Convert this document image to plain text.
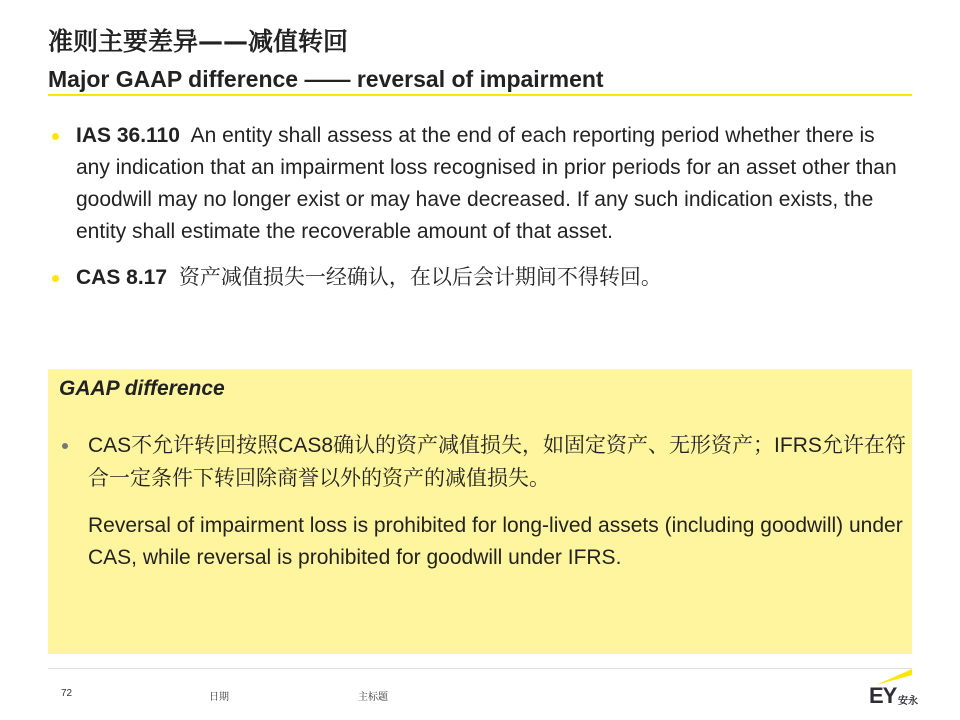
准则主要差异——减值转回
Major GAAP difference —— reversal of impairment
IAS 36.110 An entity shall assess at the end of each reporting period whether there is any indication that an impairment loss recognised in prior periods for an asset other than goodwill may no longer exist or may have decreased. If any such indication exists, the entity shall estimate the recoverable amount of that asset.
CAS 8.17 资产减值损失一经确认，在以后会计期间不得转回。
GAAP difference
CAS不允许转回按照CAS8确认的资产减值损失，如固定资产、无形资产；IFRS允许在符合一定条件下转回除商誉以外的资产的减值损失。
Reversal of impairment loss is prohibited for long-lived assets (including goodwill) under CAS, while reversal is prohibited for goodwill under IFRS.
72	日期	主标题	EY 安永
